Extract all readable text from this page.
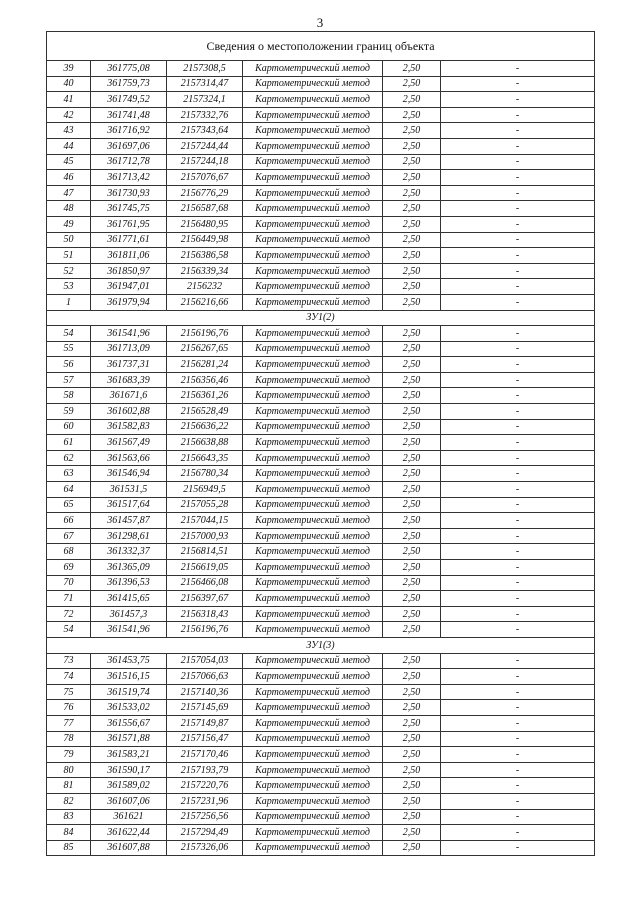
3
Сведения о местоположении границ объекта					
39	361775,08	2157308,5	Картометрический метод	2,50	-
40	361759,73	2157314,47	Картометрический метод	2,50	-
41	361749,52	2157324,1	Картометрический метод	2,50	-
42	361741,48	2157332,76	Картометрический метод	2,50	-
43	361716,92	2157343,64	Картометрический метод	2,50	-
44	361697,06	2157244,44	Картометрический метод	2,50	-
45	361712,78	2157244,18	Картометрический метод	2,50	-
46	361713,42	2157076,67	Картометрический метод	2,50	-
47	361730,93	2156776,29	Картометрический метод	2,50	-
48	361745,75	2156587,68	Картометрический метод	2,50	-
49	361761,95	2156480,95	Картометрический метод	2,50	-
50	361771,61	2156449,98	Картометрический метод	2,50	-
51	361811,06	2156386,58	Картометрический метод	2,50	-
52	361850,97	2156339,34	Картометрический метод	2,50	-
53	361947,01	2156232	Картометрический метод	2,50	-
1	361979,94	2156216,66	Картометрический метод	2,50	-
ЗУ1(2)					
54	361541,96	2156196,76	Картометрический метод	2,50	-
55	361713,09	2156267,65	Картометрический метод	2,50	-
56	361737,31	2156281,24	Картометрический метод	2,50	-
57	361683,39	2156356,46	Картометрический метод	2,50	-
58	361671,6	2156361,26	Картометрический метод	2,50	-
59	361602,88	2156528,49	Картометрический метод	2,50	-
60	361582,83	2156636,22	Картометрический метод	2,50	-
61	361567,49	2156638,88	Картометрический метод	2,50	-
62	361563,66	2156643,35	Картометрический метод	2,50	-
63	361546,94	2156780,34	Картометрический метод	2,50	-
64	361531,5	2156949,5	Картометрический метод	2,50	-
65	361517,64	2157055,28	Картометрический метод	2,50	-
66	361457,87	2157044,15	Картометрический метод	2,50	-
67	361298,61	2157000,93	Картометрический метод	2,50	-
68	361332,37	2156814,51	Картометрический метод	2,50	-
69	361365,09	2156619,05	Картометрический метод	2,50	-
70	361396,53	2156466,08	Картометрический метод	2,50	-
71	361415,65	2156397,67	Картометрический метод	2,50	-
72	361457,3	2156318,43	Картометрический метод	2,50	-
54	361541,96	2156196,76	Картометрический метод	2,50	-
ЗУ1(3)					
73	361453,75	2157054,03	Картометрический метод	2,50	-
74	361516,15	2157066,63	Картометрический метод	2,50	-
75	361519,74	2157140,36	Картометрический метод	2,50	-
76	361533,02	2157145,69	Картометрический метод	2,50	-
77	361556,67	2157149,87	Картометрический метод	2,50	-
78	361571,88	2157156,47	Картометрический метод	2,50	-
79	361583,21	2157170,46	Картометрический метод	2,50	-
80	361590,17	2157193,79	Картометрический метод	2,50	-
81	361589,02	2157220,76	Картометрический метод	2,50	-
82	361607,06	2157231,96	Картометрический метод	2,50	-
83	361621	2157256,56	Картометрический метод	2,50	-
84	361622,44	2157294,49	Картометрический метод	2,50	-
85	361607,88	2157326,06	Картометрический метод	2,50	-
